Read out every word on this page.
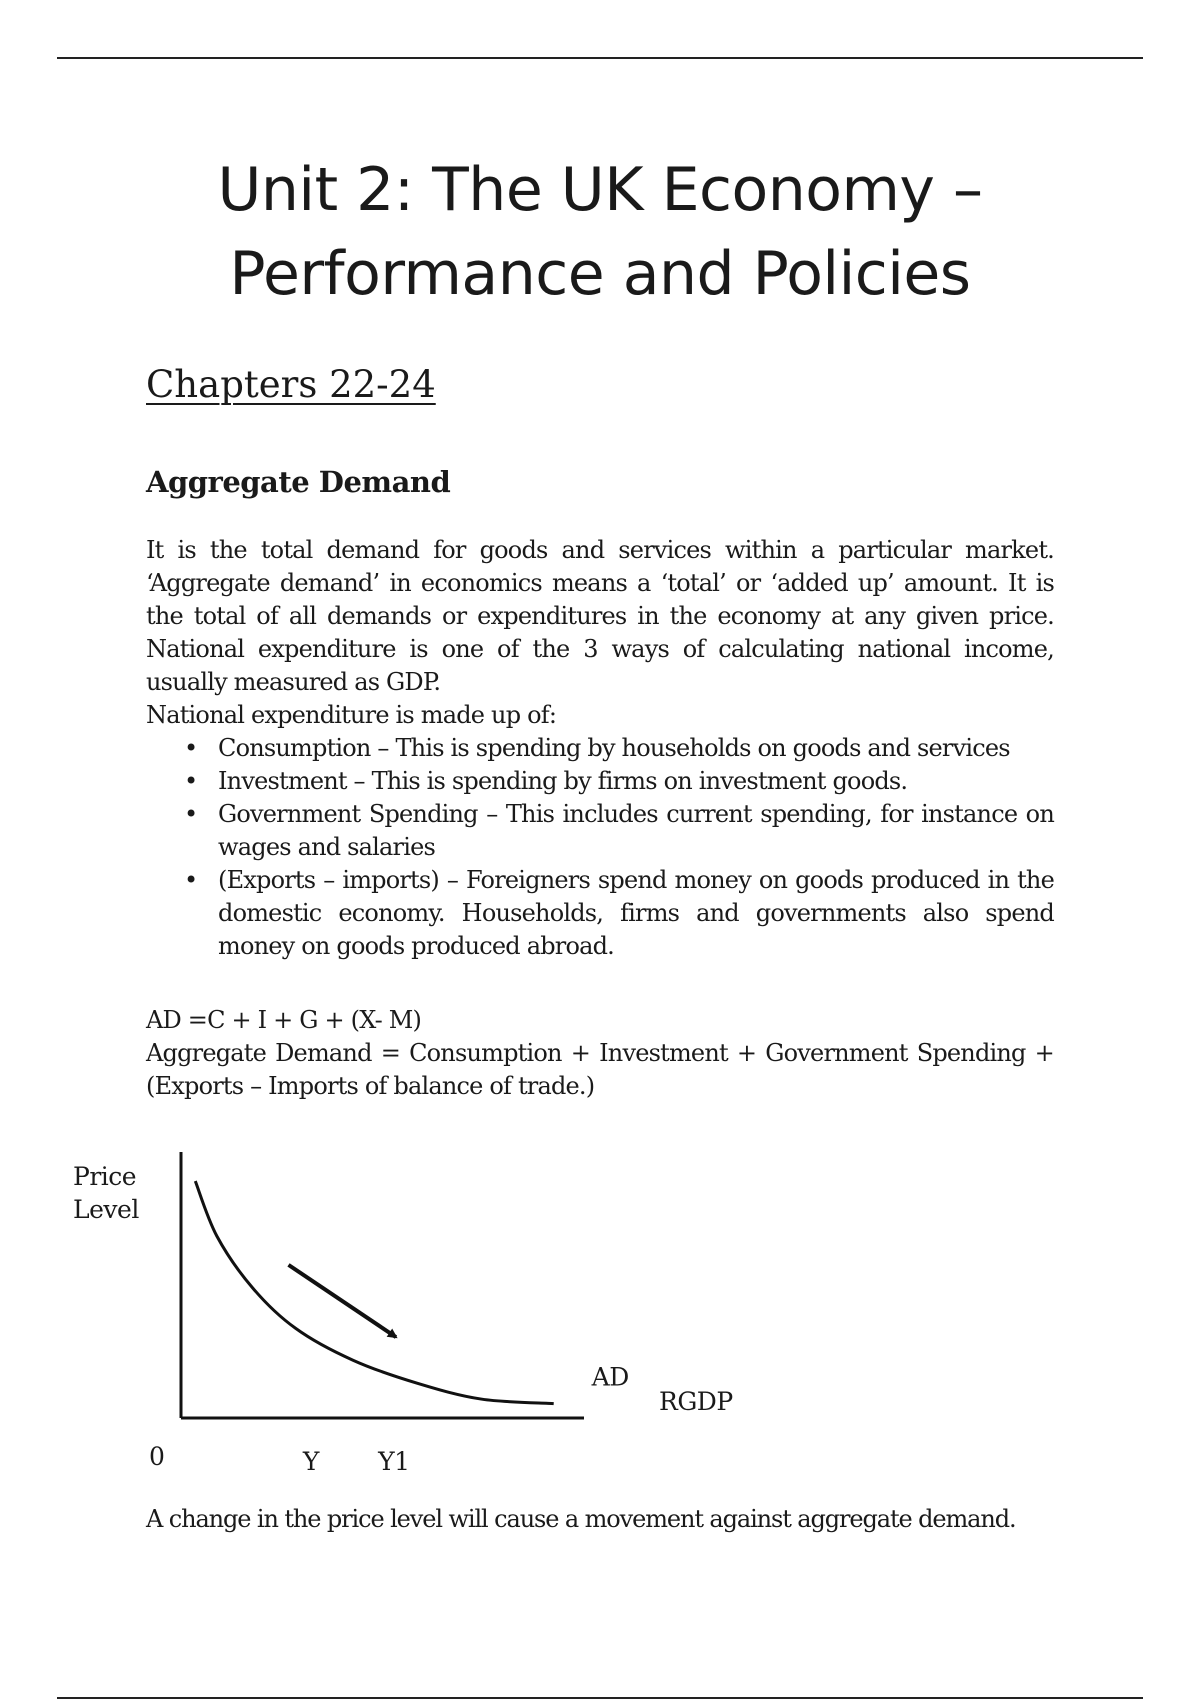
Unit 2: The UK Economy –
Performance and Policies
Chapters 22-24
Aggregate Demand

It is the total demand for goods and services within a particular market. ‘Aggregate demand’ in economics means a ‘total’ or ‘added up’ amount. It is the total of all demands or expenditures in the economy at any given price. National expenditure is one of the 3 ways of calculating national income, usually measured as GDP.

National expenditure is made up of:

• Consumption – This is spending by households on goods and services
• Investment – This is spending by firms on investment goods.
• Government Spending – This includes current spending, for instance on wages and salaries
• (Exports – imports) – Foreigners spend money on goods produced in the domestic economy. Households, firms and governments also spend money on goods produced abroad.

AD =C + I + G + (X- M)

Aggregate Demand = Consumption + Investment + Government Spending + (Exports – Imports of balance of trade.)

Price
Level
AD
RGDP
0	Y Y1

A change in the price level will cause a movement against aggregate demand.
